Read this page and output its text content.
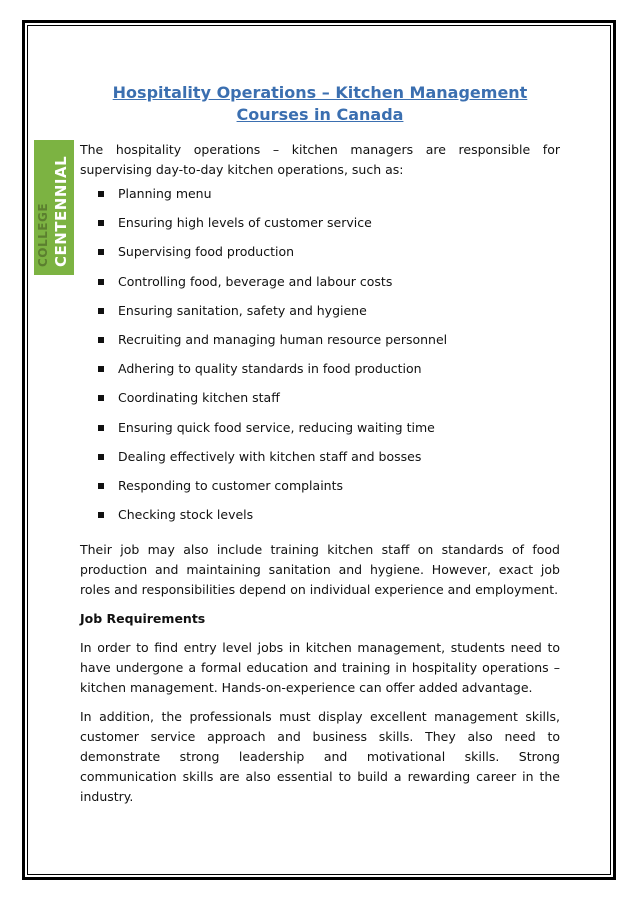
Hospitality Operations – Kitchen Management
Courses in Canada
COLLEGE CENTENNIAL

The hospitality operations – kitchen managers are responsible for supervising day-to-day kitchen operations, such as:

Planning menu
Ensuring high levels of customer service
Supervising food production
Controlling food, beverage and labour costs
Ensuring sanitation, safety and hygiene
Recruiting and managing human resource personnel
Adhering to quality standards in food production
Coordinating kitchen staff
Ensuring quick food service, reducing waiting time
Dealing effectively with kitchen staff and bosses
Responding to customer complaints
Checking stock levels

Their job may also include training kitchen staff on standards of food production and maintaining sanitation and hygiene. However, exact job roles and responsibilities depend on individual experience and employment.

Job Requirements

In order to find entry level jobs in kitchen management, students need to have undergone a formal education and training in hospitality operations – kitchen management. Hands-on-experience can offer added advantage.

In addition, the professionals must display excellent management skills, customer service approach and business skills. They also need to demonstrate strong leadership and motivational skills. Strong communication skills are also essential to build a rewarding career in the industry.
